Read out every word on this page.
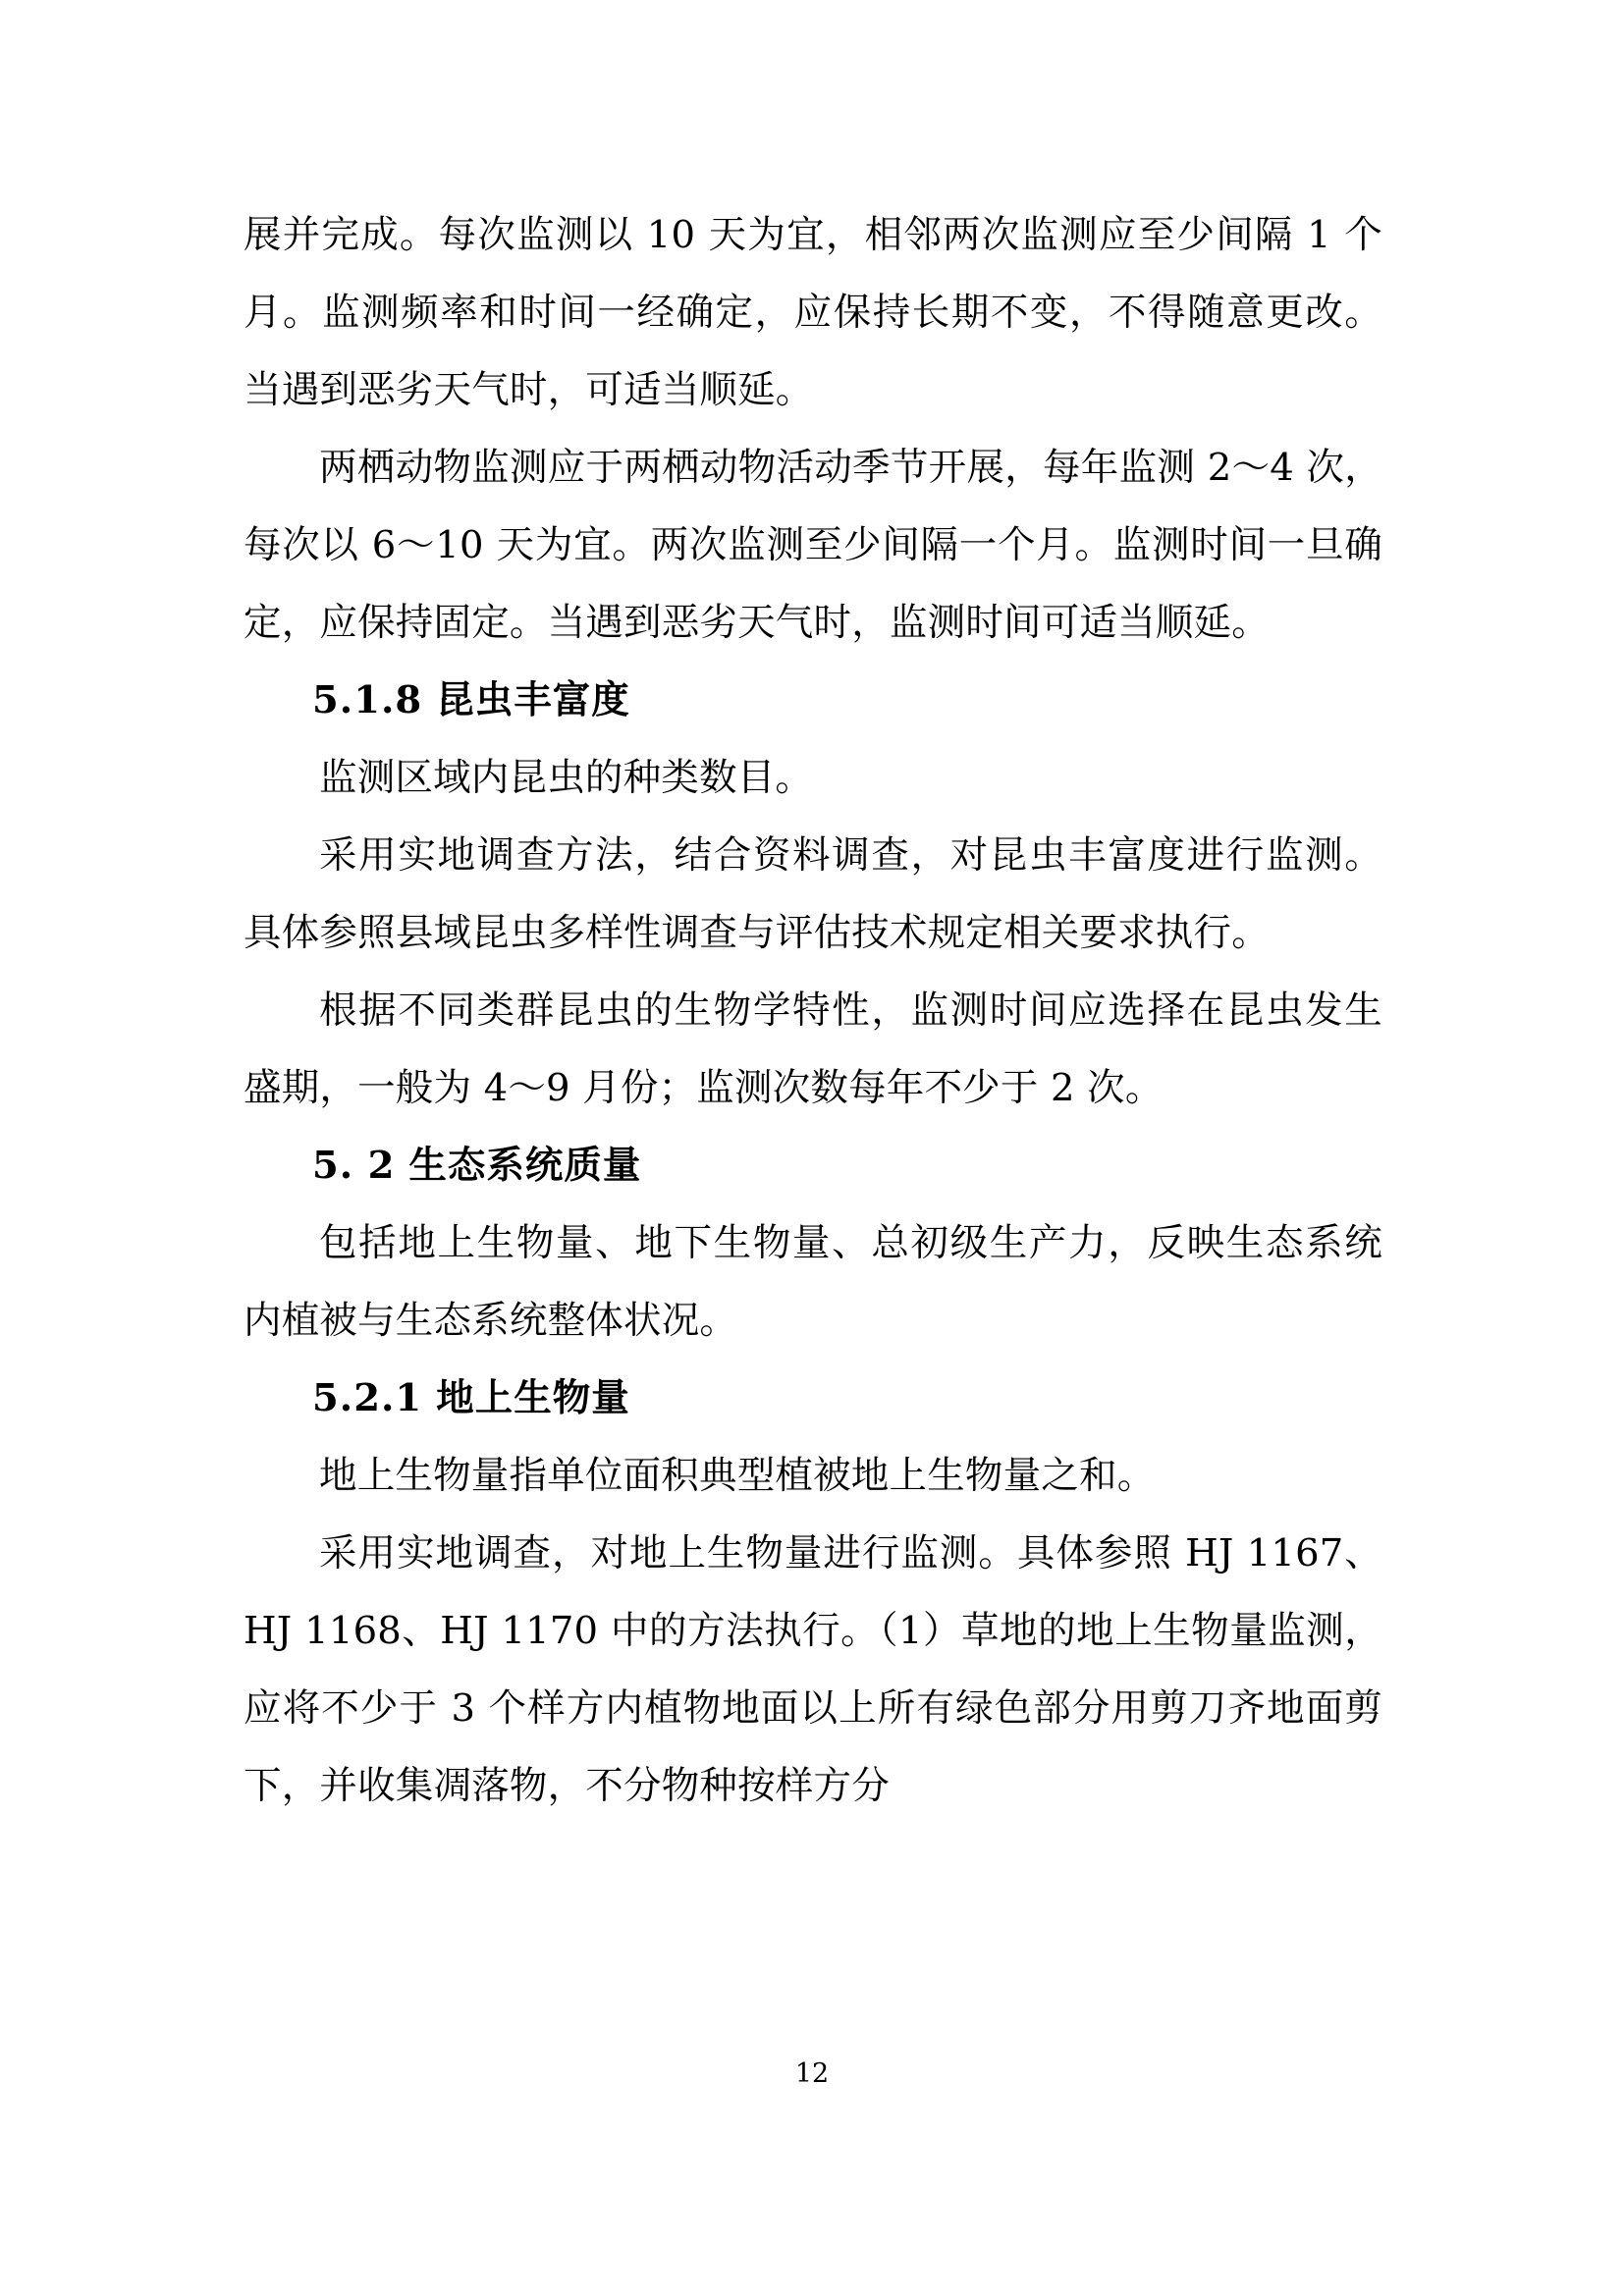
展并完成。每次监测以 10 天为宜，相邻两次监测应至少间隔 1 个月。监测频率和时间一经确定，应保持长期不变，不得随意更改。当遇到恶劣天气时，可适当顺延。

两栖动物监测应于两栖动物活动季节开展，每年监测 2～4 次，每次以 6～10 天为宜。两次监测至少间隔一个月。监测时间一旦确定，应保持固定。当遇到恶劣天气时，监测时间可适当顺延。

5.1.8 昆虫丰富度

监测区域内昆虫的种类数目。

采用实地调查方法，结合资料调查，对昆虫丰富度进行监测。具体参照县域昆虫多样性调查与评估技术规定相关要求执行。

根据不同类群昆虫的生物学特性，监测时间应选择在昆虫发生盛期，一般为 4～9 月份；监测次数每年不少于 2 次。

5. 2 生态系统质量

包括地上生物量、地下生物量、总初级生产力，反映生态系统内植被与生态系统整体状况。

5.2.1 地上生物量

地上生物量指单位面积典型植被地上生物量之和。

采用实地调查，对地上生物量进行监测。具体参照 HJ 1167、HJ 1168、HJ 1170 中的方法执行。（1）草地的地上生物量监测，应将不少于 3 个样方内植物地面以上所有绿色部分用剪刀齐地面剪下，并收集凋落物，不分物种按样方分

12
